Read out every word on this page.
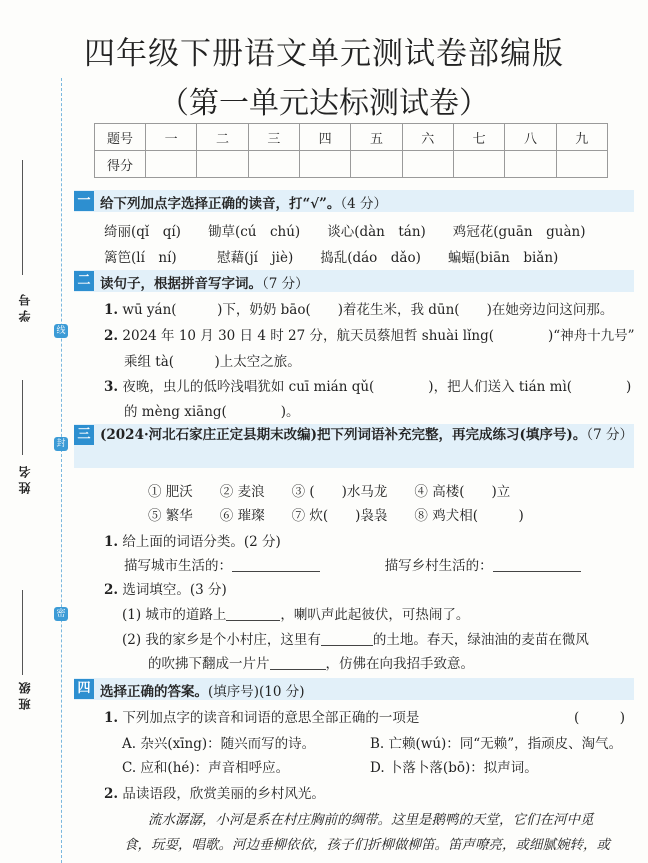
学号
姓名
班级
线
封
密
四年级下册语文单元测试卷部编版
（第一单元达标测试卷）
题号	一	二	三	四	五	六	七	八	九
得分									
一 给下列加点字选择正确的读音，打“√”。（4 分）
绮丽(qǐ　qí)　　锄草(cú　chú)　　谈心(dàn　tán)　　鸡冠花(guān　guàn)
篱笆(lí　ní)　　　慰藉(jí　jiè)　　捣乱(dáo　dǎo)　　蝙蝠(biān　biǎn)
二 读句子，根据拼音写字词。（7 分）
1. wū yán(　　　)下，奶奶 bāo(　　)着花生米，我 dūn(　　)在她旁边问这问那。
2. 2024 年 10 月 30 日 4 时 27 分，航天员蔡旭哲 shuài lǐng(　　　　)“神舟十九号”
乘组 tà(　　　)上太空之旅。
3. 夜晚，虫儿的低吟浅唱犹如 cuī mián qǔ(　　　　)，把人们送入 tián mì(　　　　)
的 mèng xiāng(　　　　)。
三 (2024·河北石家庄正定县期末改编)把下列词语补充完整，再完成练习(填序号)。（7 分）
① 肥沃　　② 麦浪　　③ (　　)水马龙　　④ 高楼(　　)立
⑤ 繁华　　⑥ 璀璨　　⑦ 炊(　　)袅袅　　⑧ 鸡犬相(　　　)
1. 给上面的词语分类。(2 分)
描写城市生活的：	描写乡村生活的：
2. 选词填空。(3 分)
(1) 城市的道路上	，喇叭声此起彼伏，可热闹了。
(2) 我的家乡是个小村庄，这里有	的土地。春天，绿油油的麦苗在微风
的吹拂下翻成一片片	，仿佛在向我招手致意。
四 选择正确的答案。(填序号)(10 分)
1. 下列加点字的读音和词语的意思全部正确的一项是	(　　　)
A. 杂兴(xīng)：随兴而写的诗。	B. 亡赖(wú)：同“无赖”，指顽皮、淘气。
C. 应和(hé)：声音相呼应。	D. 卜落卜落(bō)：拟声词。
2. 品读语段，欣赏美丽的乡村风光。
流水潺潺，小河是系在村庄胸前的绸带。这里是鹅鸭的天堂，它们在河中觅
食，玩耍，唱歌。河边垂柳依依，孩子们折柳做柳笛。笛声嘹亮，或细腻婉转，或
